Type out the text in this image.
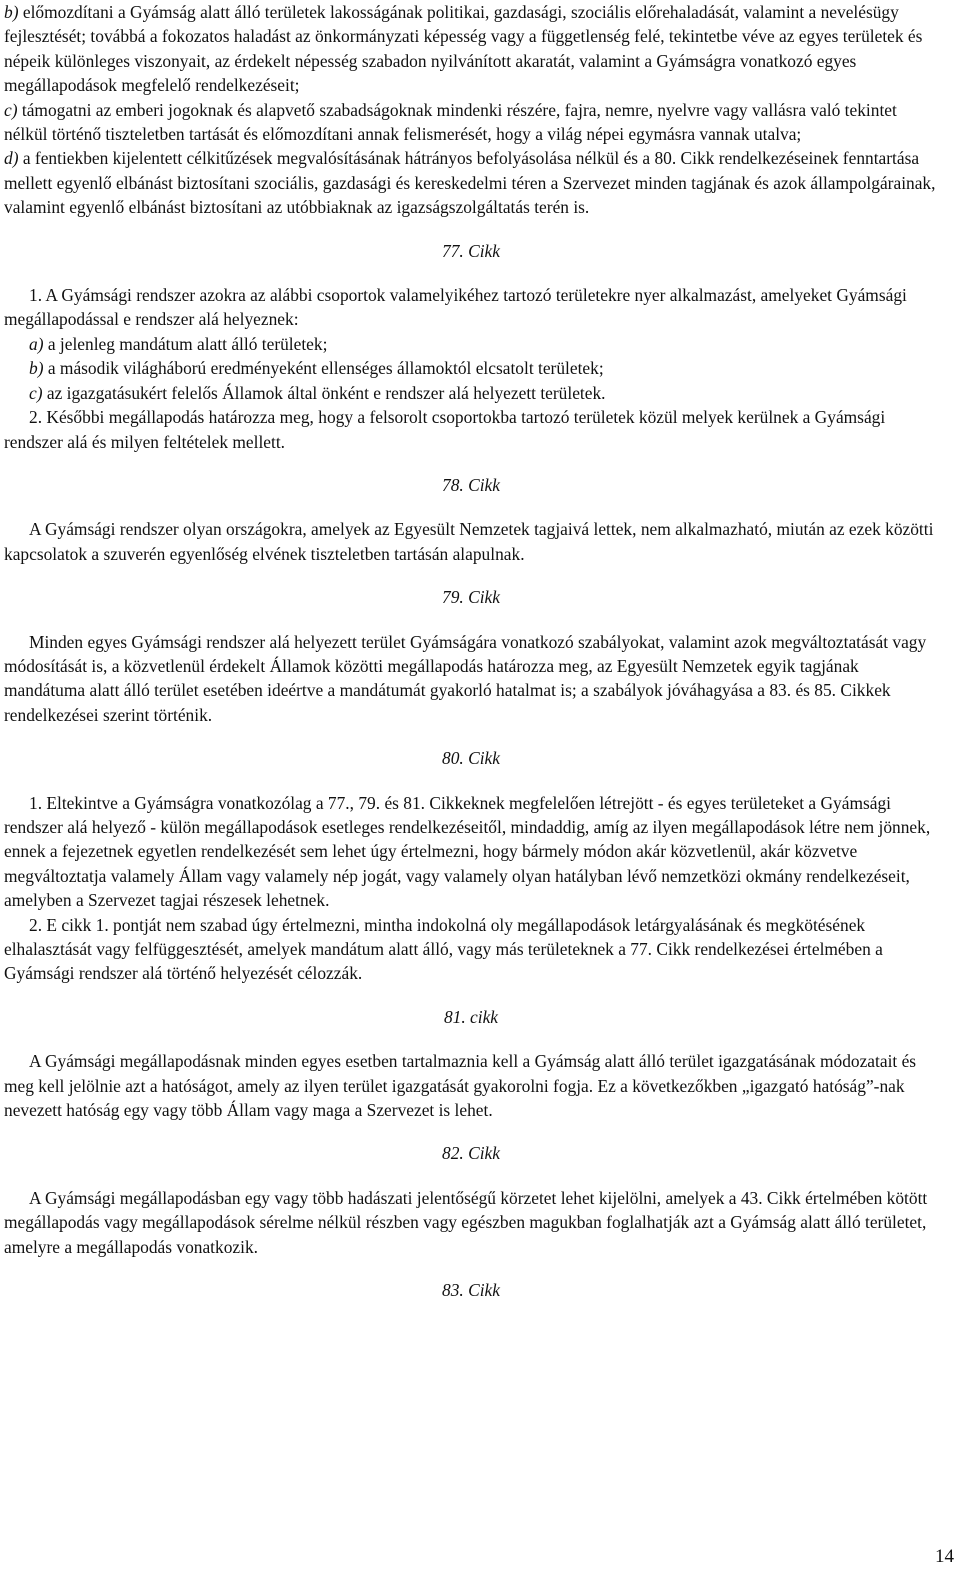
b) előmozdítani a Gyámság alatt álló területek lakosságának politikai, gazdasági, szociális előrehaladását, valamint a nevelésügy fejlesztését; továbbá a fokozatos haladást az önkormányzati képesség vagy a függetlenség felé, tekintetbe véve az egyes területek és népeik különleges viszonyait, az érdekelt népesség szabadon nyilvánított akaratát, valamint a Gyámságra vonatkozó egyes megállapodások megfelelő rendelkezéseit;

c) támogatni az emberi jogoknak és alapvető szabadságoknak mindenki részére, fajra, nemre, nyelvre vagy vallásra való tekintet nélkül történő tiszteletben tartását és előmozdítani annak felismerését, hogy a világ népei egymásra vannak utalva;

d) a fentiekben kijelentett célkitűzések megvalósításának hátrányos befolyásolása nélkül és a 80. Cikk rendelkezéseinek fenntartása mellett egyenlő elbánást biztosítani szociális, gazdasági és kereskedelmi téren a Szervezet minden tagjának és azok állampolgárainak, valamint egyenlő elbánást biztosítani az utóbbiaknak az igazságszolgáltatás terén is.

77. Cikk

1. A Gyámsági rendszer azokra az alábbi csoportok valamelyikéhez tartozó területekre nyer alkalmazást, amelyeket Gyámsági megállapodással e rendszer alá helyeznek:

a) a jelenleg mandátum alatt álló területek;

b) a második világháború eredményeként ellenséges államoktól elcsatolt területek;

c) az igazgatásukért felelős Államok által önként e rendszer alá helyezett területek.

2. Későbbi megállapodás határozza meg, hogy a felsorolt csoportokba tartozó területek közül melyek kerülnek a Gyámsági rendszer alá és milyen feltételek mellett.

78. Cikk

A Gyámsági rendszer olyan országokra, amelyek az Egyesült Nemzetek tagjaivá lettek, nem alkalmazható, miután az ezek közötti kapcsolatok a szuverén egyenlőség elvének tiszteletben tartásán alapulnak.

79. Cikk

Minden egyes Gyámsági rendszer alá helyezett terület Gyámságára vonatkozó szabályokat, valamint azok megváltoztatását vagy módosítását is, a közvetlenül érdekelt Államok közötti megállapodás határozza meg, az Egyesült Nemzetek egyik tagjának mandátuma alatt álló terület esetében ideértve a mandátumát gyakorló hatalmat is; a szabályok jóváhagyása a 83. és 85. Cikkek rendelkezései szerint történik.

80. Cikk

1. Eltekintve a Gyámságra vonatkozólag a 77., 79. és 81. Cikkeknek megfelelően létrejött - és egyes területeket a Gyámsági rendszer alá helyező - külön megállapodások esetleges rendelkezéseitől, mindaddig, amíg az ilyen megállapodások létre nem jönnek, ennek a fejezetnek egyetlen rendelkezését sem lehet úgy értelmezni, hogy bármely módon akár közvetlenül, akár közvetve megváltoztatja valamely Állam vagy valamely nép jogát, vagy valamely olyan hatályban lévő nemzetközi okmány rendelkezéseit, amelyben a Szervezet tagjai részesek lehetnek.

2. E cikk 1. pontját nem szabad úgy értelmezni, mintha indokolná oly megállapodások letárgyalásának és megkötésének elhalasztását vagy felfüggesztését, amelyek mandátum alatt álló, vagy más területeknek a 77. Cikk rendelkezései értelmében a Gyámsági rendszer alá történő helyezését célozzák.

81. cikk

A Gyámsági megállapodásnak minden egyes esetben tartalmaznia kell a Gyámság alatt álló terület igazgatásának módozatait és meg kell jelölnie azt a hatóságot, amely az ilyen terület igazgatását gyakorolni fogja. Ez a következőkben „igazgató hatóság”-nak nevezett hatóság egy vagy több Állam vagy maga a Szervezet is lehet.

82. Cikk

A Gyámsági megállapodásban egy vagy több hadászati jelentőségű körzetet lehet kijelölni, amelyek a 43. Cikk értelmében kötött megállapodás vagy megállapodások sérelme nélkül részben vagy egészben magukban foglalhatják azt a Gyámság alatt álló területet, amelyre a megállapodás vonatkozik.

83. Cikk
14
